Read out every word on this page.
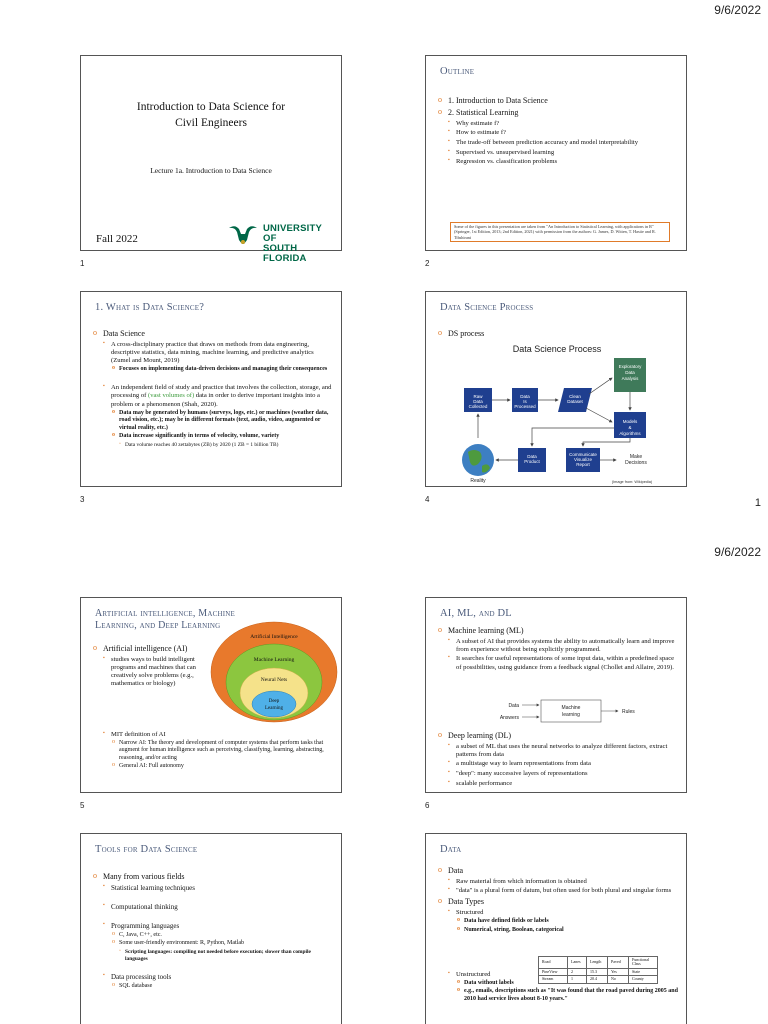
9/6/2022
9/6/2022
1
1	2
3	4
5	6
Introduction to Data Science for
Civil Engineers
Lecture 1a. Introduction to Data Science
Fall 2022
UNIVERSITY OF
SOUTH FLORIDA
Outline
o 1. Introduction to Data Science
o 2. Statistical Learning
▪ Why estimate f?
▪ How to estimate f?
▪ The trade-off between prediction accuracy and model interpretability
▪ Supervised vs. unsupervised learning
▪ Regression vs. classification problems
Some of the figures in this presentation are taken from "An Introduction to Statistical Learning, with applications in R" (Springer, 1st Edition, 2013; 2nd Edition, 2021) with permission from the authors: G. James, D. Witten, T. Hastie and R. Tibshirani
1. What is Data Science?
o Data Science
▪ A cross-disciplinary practice that draws on methods from data engineering, descriptive statistics, data mining, machine learning, and predictive analytics (Zumel and Mount, 2019)
o Focuses on implementing data-driven decisions and managing their consequences
▪ An independent field of study and practice that involves the collection, storage, and processing of (vast volumes of) data in order to derive important insights into a problem or a phenomenon (Shah, 2020).
o Data may be generated by humans (surveys, logs, etc.) or machines (weather data, road vision, etc.); may be in different formats (text, audio, video, augmented or virtual reality, etc.)
o Data increase significantly in terms of velocity, volume, variety
▫ Data volume reaches 40 zettabytes (ZB) by 2020 (1 ZB = 1 billion TB)
Data Science Process
o DS process
Data Science Process
Raw Data Collected
Data Is Processed
Clean Dataset
Exploratory Data Analysis
Models & Algorithms
Data Product
Communicate Visualize Report
Make Decisions
Reality	(Image from: Wikipedia)
Artificial intelligence, Machine
Learning, and Deep Learning
o Artificial intelligence (AI)
▪ studies ways to build intelligent programs and machines that can creatively solve problems (e.g., mathematics or biology)
▪ MIT definition of AI
o Narrow AI: The theory and development of computer systems that perform tasks that augment for human intelligence such as perceiving, classifying, learning, abstracting, reasoning, and/or acting
o General AI: Full autonomy
Artificial Intelligence
Machine Learning
Neural Nets
Deep
Learning
AI, ML, and DL
o Machine learning (ML)
▪ A subset of AI that provides systems the ability to automatically learn and improve from experience without being explicitly programmed.
▪ It searches for useful representations of some input data, within a predefined space of possibilities, using guidance from a feedback signal (Chollet and Allaire, 2019).
Data
Answers
Machine
learning	Rules
o Deep learning (DL)
▪ a subset of ML that uses the neural networks to analyze different factors, extract patterns from data
▪ a multistage way to learn representations from data
▪ "deep": many successive layers of representations
▪ scalable performance
Tools for Data Science
o Many from various fields
▪ Statistical learning techniques
▪ Computational thinking
▪ Programming languages
o C, Java, C++, etc.
o Some user-friendly environment: R, Python, Matlab
▫ Scripting languages: compiling not needed before execution; slower than compile languages
▪ Data processing tools
o SQL database
Data
o Data
▪ Raw material from which information is obtained
▪ "data" is a plural form of datum, but often used for both plural and singular forms
o Data Types
▪ Structured
o Data have defined fields or labels
o Numerical, string, Boolean, categorical
Road	Lanes	Length	Paved	Functional Class
PineView	2	15.3	Yes	State
Stream	1	20.4	No	County
▪ Unstructured
o Data without labels
o e.g., emails, descriptions such as "It was found that the road paved during 2005 and 2010 had service lives about 8-10 years."
